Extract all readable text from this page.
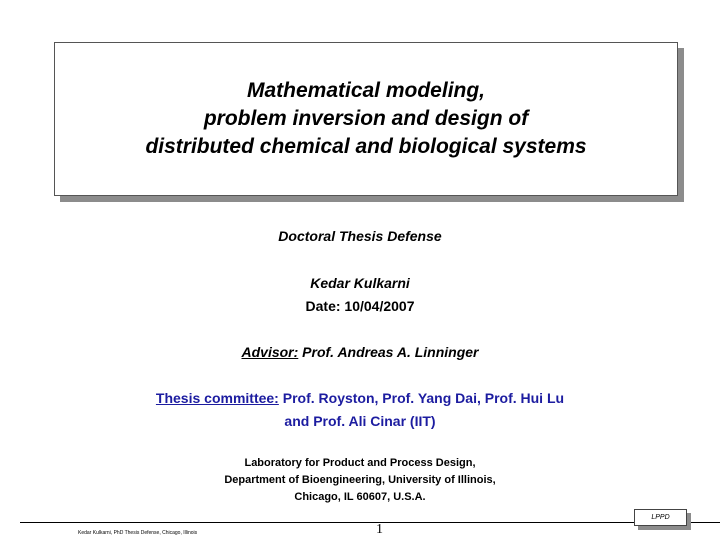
Mathematical modeling,
problem inversion and design of
distributed chemical and biological systems
Doctoral Thesis Defense
Kedar Kulkarni
Date: 10/04/2007
Advisor: Prof. Andreas A. Linninger
Thesis committee: Prof. Royston, Prof. Yang Dai, Prof. Hui Lu
and Prof. Ali Cinar (IIT)
Laboratory for Product and Process Design,
Department of Bioengineering, University of Illinois,
Chicago, IL 60607, U.S.A.
Kedar Kulkarni, PhD Thesis Defense, Chicago, Illinois	1
LPPD
